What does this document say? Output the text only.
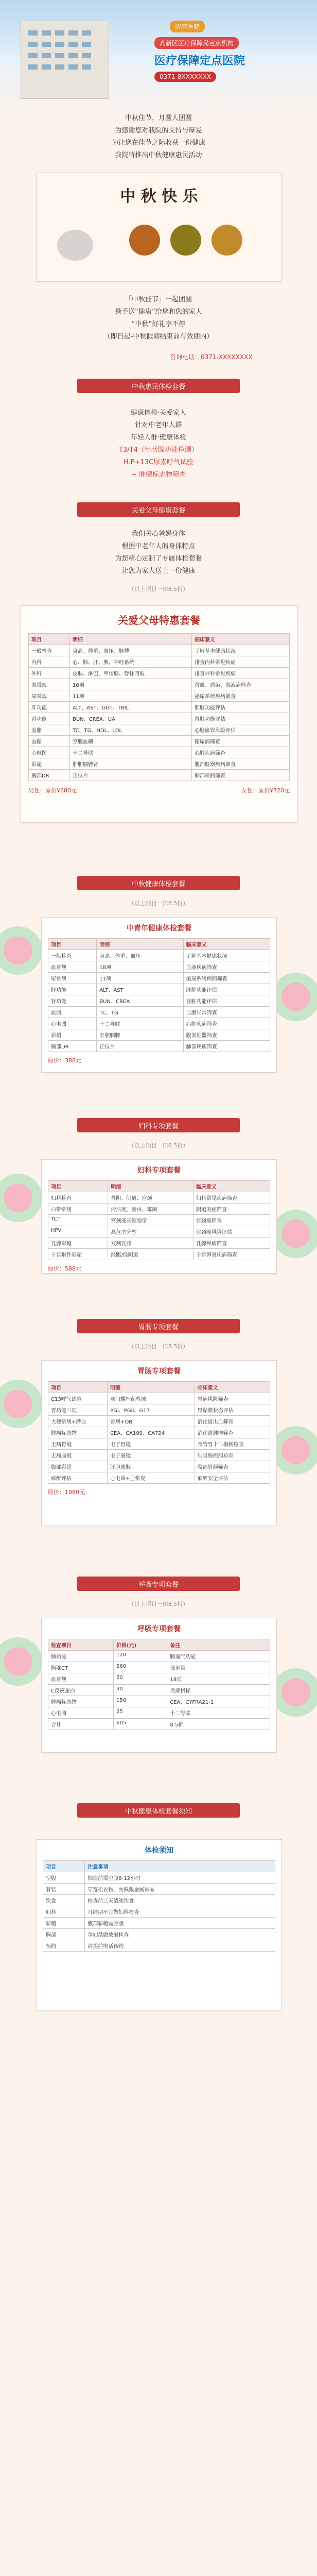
清廉医院
高新区医疗保障局定点机构
医疗保障定点医院
0371-8XXXXXXX

中秋佳节，月圆人团圆

为感谢您对我院的支持与厚爱

为让您在佳节之际收获一份健康

我院特推出中秋健康惠民活动

中 秋 快 乐

「中秋佳节」一起团圆

携手送“健康”给您和您的家人

“中秋”好礼享不停

（即日起-中秋假期结束前有效期内）

咨询电话：0371-XXXXXXXX
中秋惠民体检套餐

健康体检·关爱家人

针对中老年人群

年轻人群·健康体检

T3/T4（甲状腺功能检测）

H.P+13C尿素呼气试验

+ 肿瘤标志物筛查

关爱父母健康套餐

我们关心爸妈身体

根据中老年人的身体特点

为您精心定制了专属体检套餐

让您为家人送上一份健康

（以上项目一律8.5折）
关爱父母特惠套餐
项目	明细	临床意义
一般检查	身高、体重、血压、脉搏	了解基本健康状况
内科	心、肺、肝、脾、神经系统	排查内科常见疾病
外科	皮肤、淋巴、甲状腺、脊柱四肢	排查外科常见疾病
血常规	18项	贫血、感染、血液病筛查
尿常规	11项	泌尿系统疾病筛查
肝功能	ALT、AST、GGT、TBIL	肝脏功能评估
肾功能	BUN、CREA、UA	肾脏功能评估
血脂	TC、TG、HDL、LDL	心脑血管风险评估
血糖	空腹血糖	糖尿病筛查
心电图	十二导联	心脏疾病筛查
彩超	肝胆胰脾肾	腹部脏器疾病筛查
胸部DR	正位片	肺部疾病筛查
男性：原价¥680元	女性：原价¥720元
中秋健康体检套餐
（以上项目一律8.5折）
中青年健康体检套餐
项目	明细	临床意义
一般检查	身高、体重、血压	了解基本健康状况
血常规	18项	血液疾病筛查
尿常规	11项	泌尿系统疾病筛查
肝功能	ALT、AST	肝脏功能评估
肾功能	BUN、CREA	肾脏功能评估
血脂	TC、TG	血脂异常筛查
心电图	十二导联	心脏疾病筛查
彩超	肝胆胰脾	腹部脏器筛查
胸部DR	正位片	肺部疾病筛查
原价：388元
妇科专项套餐
（以上项目一律8.5折）
妇科专项套餐
项目	明细	临床意义
妇科检查	外阴、阴道、宫颈	妇科常见疾病筛查
白带常规	清洁度、滴虫、霉菌	阴道炎症筛查
TCT	宫颈液基细胞学	宫颈癌筛查
HPV	高危型分型	宫颈癌风险评估
乳腺彩超	双侧乳腺	乳腺疾病筛查
子宫附件彩超	经腹/经阴道	子宫卵巢疾病筛查
原价：588元
胃肠专项套餐
（以上项目一律8.5折）
胃肠专项套餐
项目	明细	临床意义
C13呼气试验	幽门螺杆菌检测	胃病风险筛查
胃功能三项	PGI、PGII、G17	胃黏膜状态评估
大便常规+潜血	常规+OB	消化道出血筛查
肿瘤标志物	CEA、CA199、CA724	消化道肿瘤筛查
无痛胃镜	电子胃镜	食管胃十二指肠检查
无痛肠镜	电子肠镜	结直肠疾病检查
腹部彩超	肝胆胰脾	腹部脏器筛查
麻醉评估	心电图+血常规	麻醉安全评估
原价：1980元
呼吸专项套餐
（以上项目一律8.5折）
呼吸专项套餐
检查项目	价格(元)	备注
肺功能	120	肺通气功能
胸部CT	260	低剂量
血常规	20	18项
C反应蛋白	30	炎症指标
肿瘤标志物	150	CEA、CYFRA21-1
心电图	25	十二导联
合计	605	8.5折
中秋健康体检套餐须知
体检须知
项目	注意事项
空腹	抽血前需空腹8-12小时
着装	穿宽松衣物，勿佩戴金属饰品
饮食	检查前三天清淡饮食
妇科	月经期不宜做妇科检查
彩超	腹部彩超需空腹
胸部	孕妇禁做放射检查
预约	请提前电话预约
